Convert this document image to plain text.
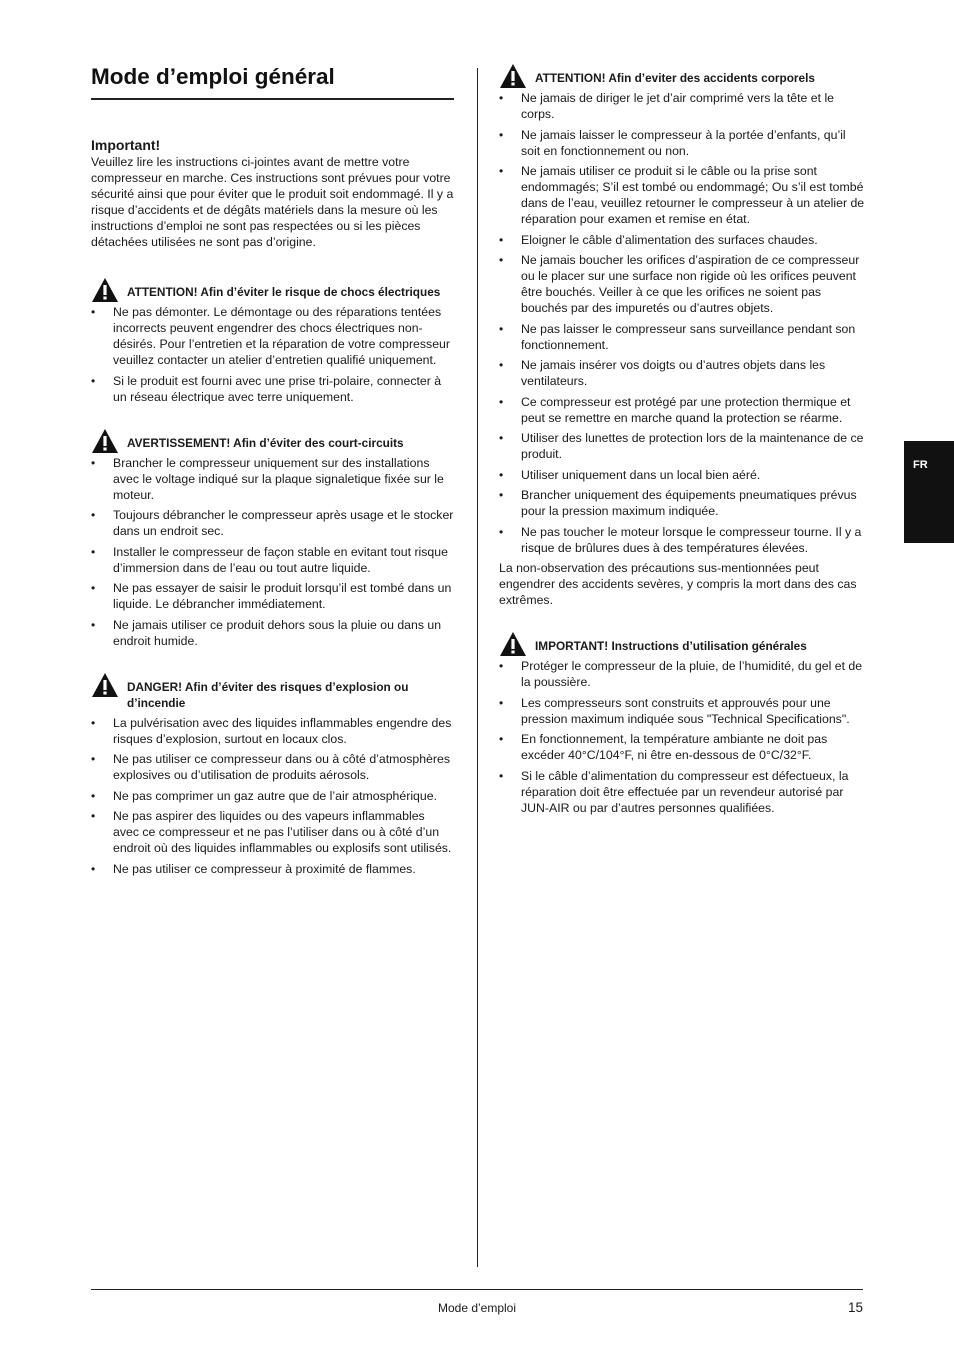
Mode d’emploi général
Important!

Veuillez lire les instructions ci-jointes avant de mettre votre compresseur en marche. Ces instructions sont prévues pour votre sécurité ainsi que pour éviter que le produit soit endommagé. Il y a risque d’accidents et de dégâts matériels dans la mesure où les instructions d’emploi ne sont pas respectées ou si les pièces détachées utilisées ne sont pas d’origine.

ATTENTION! Afin d’éviter le risque de chocs électriques
• Ne pas démonter. Le démontage ou des réparations tentées incorrects peuvent engendrer des chocs électriques non-désirés. Pour l’entretien et la réparation de votre compresseur veuillez contacter un atelier d’entretien qualifié uniquement.
• Si le produit est fourni avec une prise tri-polaire, connecter à un réseau électrique avec terre uniquement.
AVERTISSEMENT! Afin d’éviter des court-circuits
• Brancher le compresseur uniquement sur des installations avec le voltage indiqué sur la plaque signaletique fixée sur le moteur.
• Toujours débrancher le compresseur après usage et le stocker dans un endroit sec.
• Installer le compresseur de façon stable en evitant tout risque d’immersion dans de l’eau ou tout autre liquide.
• Ne pas essayer de saisir le produit lorsqu’il est tombé dans un liquide. Le débrancher immédiatement.
• Ne jamais utiliser ce produit dehors sous la pluie ou dans un endroit humide.
DANGER! Afin d’éviter des risques d’explosion ou d’incendie
• La pulvérisation avec des liquides inflammables engendre des risques d’explosion, surtout en locaux clos.
• Ne pas utiliser ce compresseur dans ou à côté d’atmosphères explosives ou d’utilisation de produits aérosols.
• Ne pas comprimer un gaz autre que de l’air atmosphérique.
• Ne pas aspirer des liquides ou des vapeurs inflammables avec ce compresseur et ne pas l’utiliser dans ou à côté d’un endroit où des liquides inflammables ou explosifs sont utilisés.
• Ne pas utiliser ce compresseur à proximité de flammes.
ATTENTION! Afin d’eviter des accidents corporels
• Ne jamais de diriger le jet d’air comprimé vers la tête et le corps.
• Ne jamais laisser le compresseur à la portée d’enfants, qu’il soit en fonctionnement ou non.
• Ne jamais utiliser ce produit si le câble ou la prise sont endommagés; S’il est tombé ou endommagé; Ou s’il est tombé dans de l’eau, veuillez retourner le compresseur à un atelier de réparation pour examen et remise en état.
• Eloigner le câble d’alimentation des surfaces chaudes.
• Ne jamais boucher les orifices d’aspiration de ce compresseur ou le placer sur une surface non rigide où les orifices peuvent être bouchés. Veiller à ce que les orifices ne soient pas bouchés par des impuretés ou d’autres objets.
• Ne pas laisser le compresseur sans surveillance pendant son fonctionnement.
• Ne jamais insérer vos doigts ou d’autres objets dans les ventilateurs.
• Ce compresseur est protégé par une protection thermique et peut se remettre en marche quand la protection se réarme.
• Utiliser des lunettes de protection lors de la maintenance de ce produit.
• Utiliser uniquement dans un local bien aéré.
• Brancher uniquement des équipements pneumatiques prévus pour la pression maximum indiquée.
• Ne pas toucher le moteur lorsque le compresseur tourne. Il y a risque de brûlures dues à des températures élevées.

La non-observation des précautions sus-mentionnées peut engendrer des accidents sevères, y compris la mort dans des cas extrêmes.

IMPORTANT! Instructions d’utilisation générales
• Protéger le compresseur de la pluie, de l’humidité, du gel et de la poussière.
• Les compresseurs sont construits et approuvés pour une pression maximum indiquée sous "Technical Specifications".
• En fonctionnement, la température ambiante ne doit pas excéder 40°C/104°F, ni être en-dessous de 0°C/32°F.
• Si le câble d’alimentation du compresseur est défectueux, la réparation doit être effectuée par un revendeur autorisé par JUN-AIR ou par d’autres personnes qualifiées.
FR
Mode d’emploi	15
